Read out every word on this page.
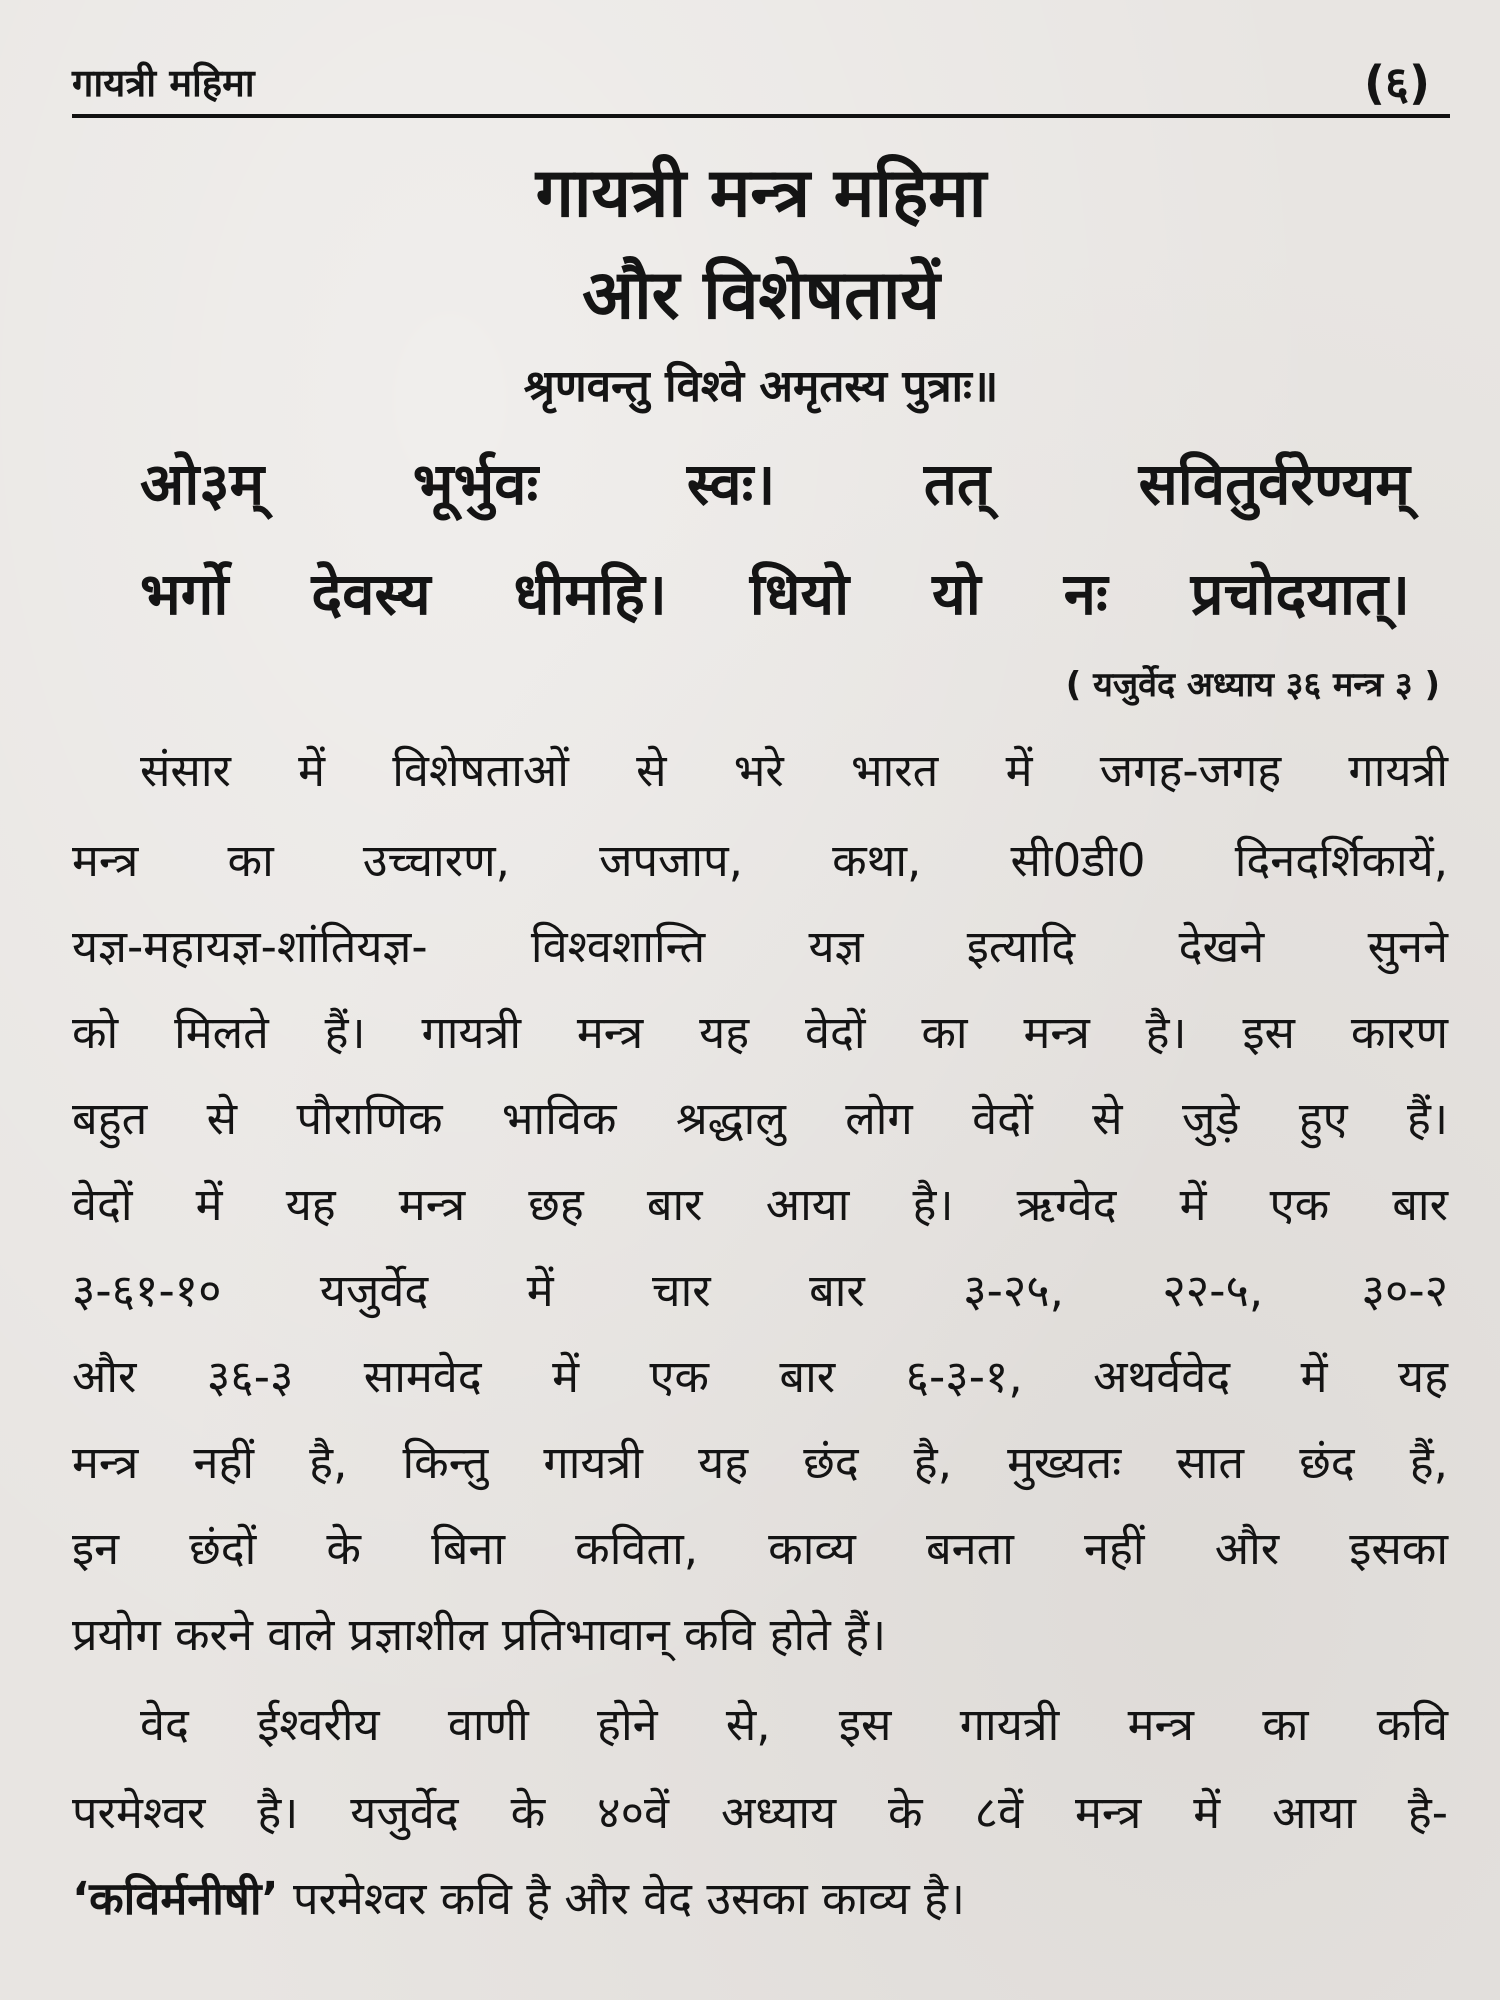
गायत्री महिमा	(६)
गायत्री मन्त्र महिमा
और विशेषतायें
श्रृणवन्तु विश्वे अमृतस्य पुत्राः॥
ओ३म् भूर्भुवः स्वः। तत् सवितुर्वरेण्यम्
भर्गो देवस्य धीमहि। धियो यो नः प्रचोदयात्।
( यजुर्वेद अध्याय ३६ मन्त्र ३ )
संसार में विशेषताओं से भरे भारत में जगह-जगह गायत्री
मन्त्र का उच्चारण, जपजाप, कथा, सी0डी0 दिनदर्शिकायें,
यज्ञ-महायज्ञ-शांतियज्ञ- विश्वशान्ति यज्ञ इत्यादि देखने सुनने
को मिलते हैं। गायत्री मन्त्र यह वेदों का मन्त्र है। इस कारण
बहुत से पौराणिक भाविक श्रद्धालु लोग वेदों से जुड़े हुए हैं।
वेदों में यह मन्त्र छह बार आया है। ऋग्वेद में एक बार
३-६१-१० यजुर्वेद में चार बार ३-२५, २२-५, ३०-२
और ३६-३ सामवेद में एक बार ६-३-१, अथर्ववेद में यह
मन्त्र नहीं है, किन्तु गायत्री यह छंद है, मुख्यतः सात छंद हैं,
इन छंदों के बिना कविता, काव्य बनता नहीं और इसका
प्रयोग करने वाले प्रज्ञाशील प्रतिभावान् कवि होते हैं।
वेद ईश्वरीय वाणी होने से, इस गायत्री मन्त्र का कवि
परमेश्वर है। यजुर्वेद के ४०वें अध्याय के ८वें मन्त्र में आया है-
‘कविर्मनीषी’ परमेश्वर कवि है और वेद उसका काव्य है।
